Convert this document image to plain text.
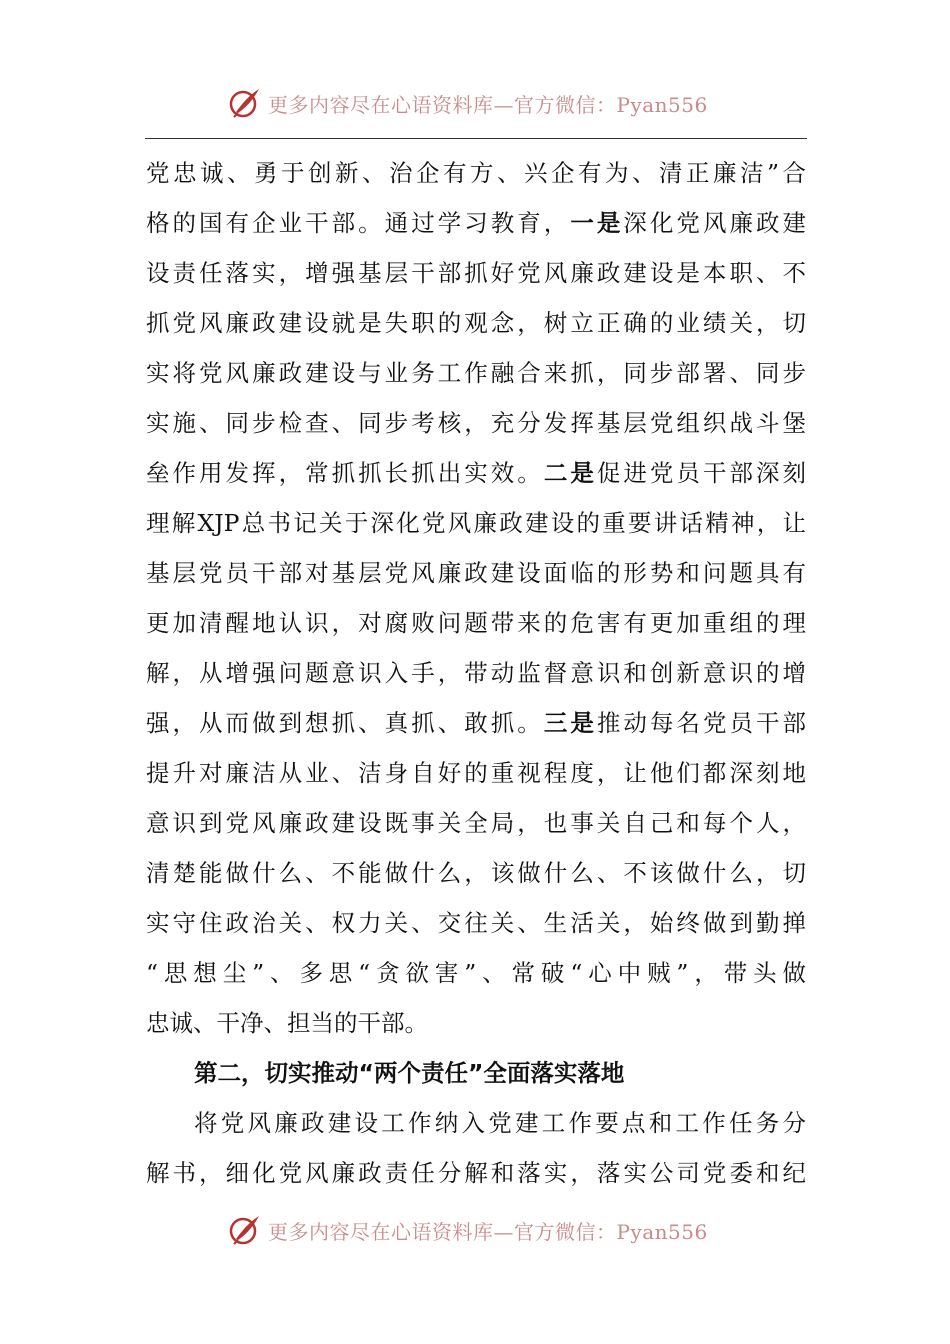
更多内容尽在心语资料库—官方微信：Pyan556
党忠诚、勇于创新、治企有方、兴企有为、清正廉洁”合
格的国有企业干部。通过学习教育，一是深化党风廉政建
设责任落实，增强基层干部抓好党风廉政建设是本职、不
抓党风廉政建设就是失职的观念，树立正确的业绩关，切
实将党风廉政建设与业务工作融合来抓，同步部署、同步
实施、同步检查、同步考核，充分发挥基层党组织战斗堡
垒作用发挥，常抓抓长抓出实效。二是促进党员干部深刻
理解XJP总书记关于深化党风廉政建设的重要讲话精神，让
基层党员干部对基层党风廉政建设面临的形势和问题具有
更加清醒地认识，对腐败问题带来的危害有更加重组的理
解，从增强问题意识入手，带动监督意识和创新意识的增
强，从而做到想抓、真抓、敢抓。三是推动每名党员干部
提升对廉洁从业、洁身自好的重视程度，让他们都深刻地
意识到党风廉政建设既事关全局，也事关自己和每个人，
清楚能做什么、不能做什么，该做什么、不该做什么，切
实守住政治关、权力关、交往关、生活关，始终做到勤掸
“思想尘”、多思“贪欲害”、常破“心中贼”，带头做
忠诚、干净、担当的干部。
第二，切实推动“两个责任”全面落实落地
将党风廉政建设工作纳入党建工作要点和工作任务分
解书，细化党风廉政责任分解和落实，落实公司党委和纪
更多内容尽在心语资料库—官方微信：Pyan556
